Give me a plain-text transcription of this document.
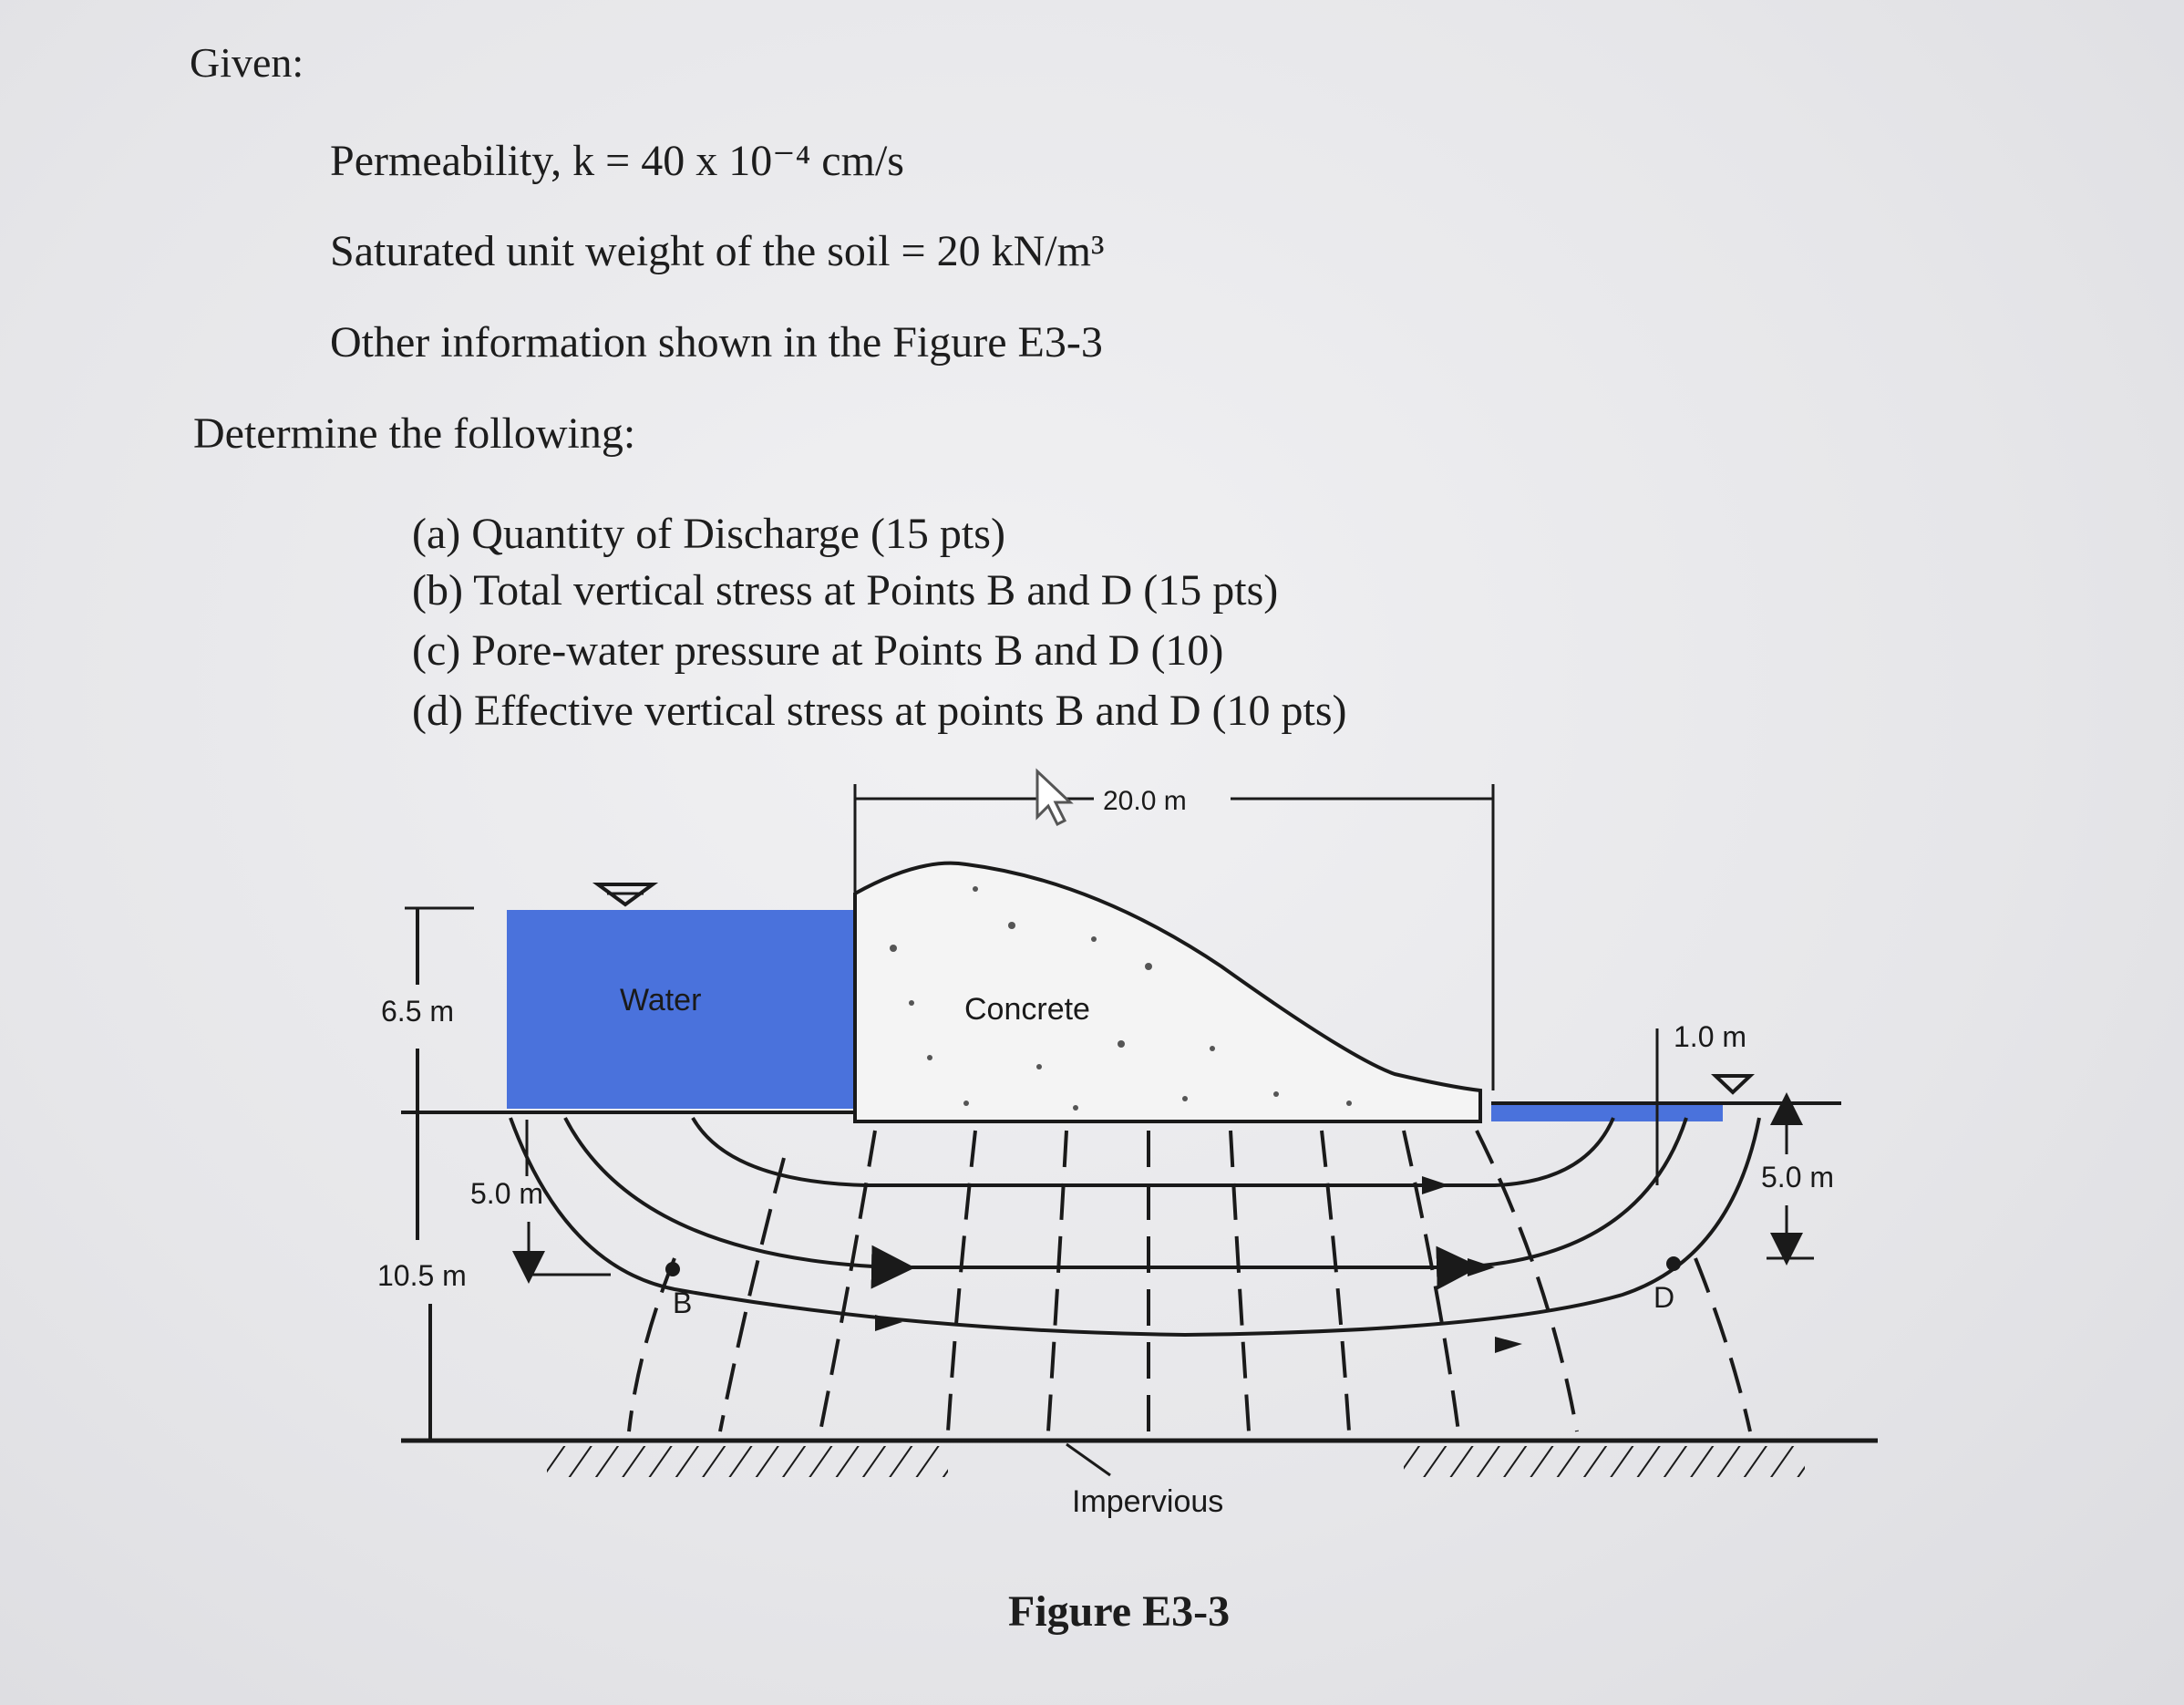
Given:
Permeability, k = 40 x 10⁻⁴ cm/s
Saturated unit weight of the soil = 20 kN/m³
Other information shown in the Figure E3-3
Determine the following:
(a) Quantity of Discharge (15 pts)
(b) Total vertical stress at Points B and D (15 pts)
(c) Pore-water pressure at Points B and D (10)
(d) Effective vertical stress at points B and D (10 pts)
Water	Concrete
20.0 m
1.0 m
6.5 m
10.5 m
5.0 m	5.0 m
Impervious
B	D
Figure E3-3
